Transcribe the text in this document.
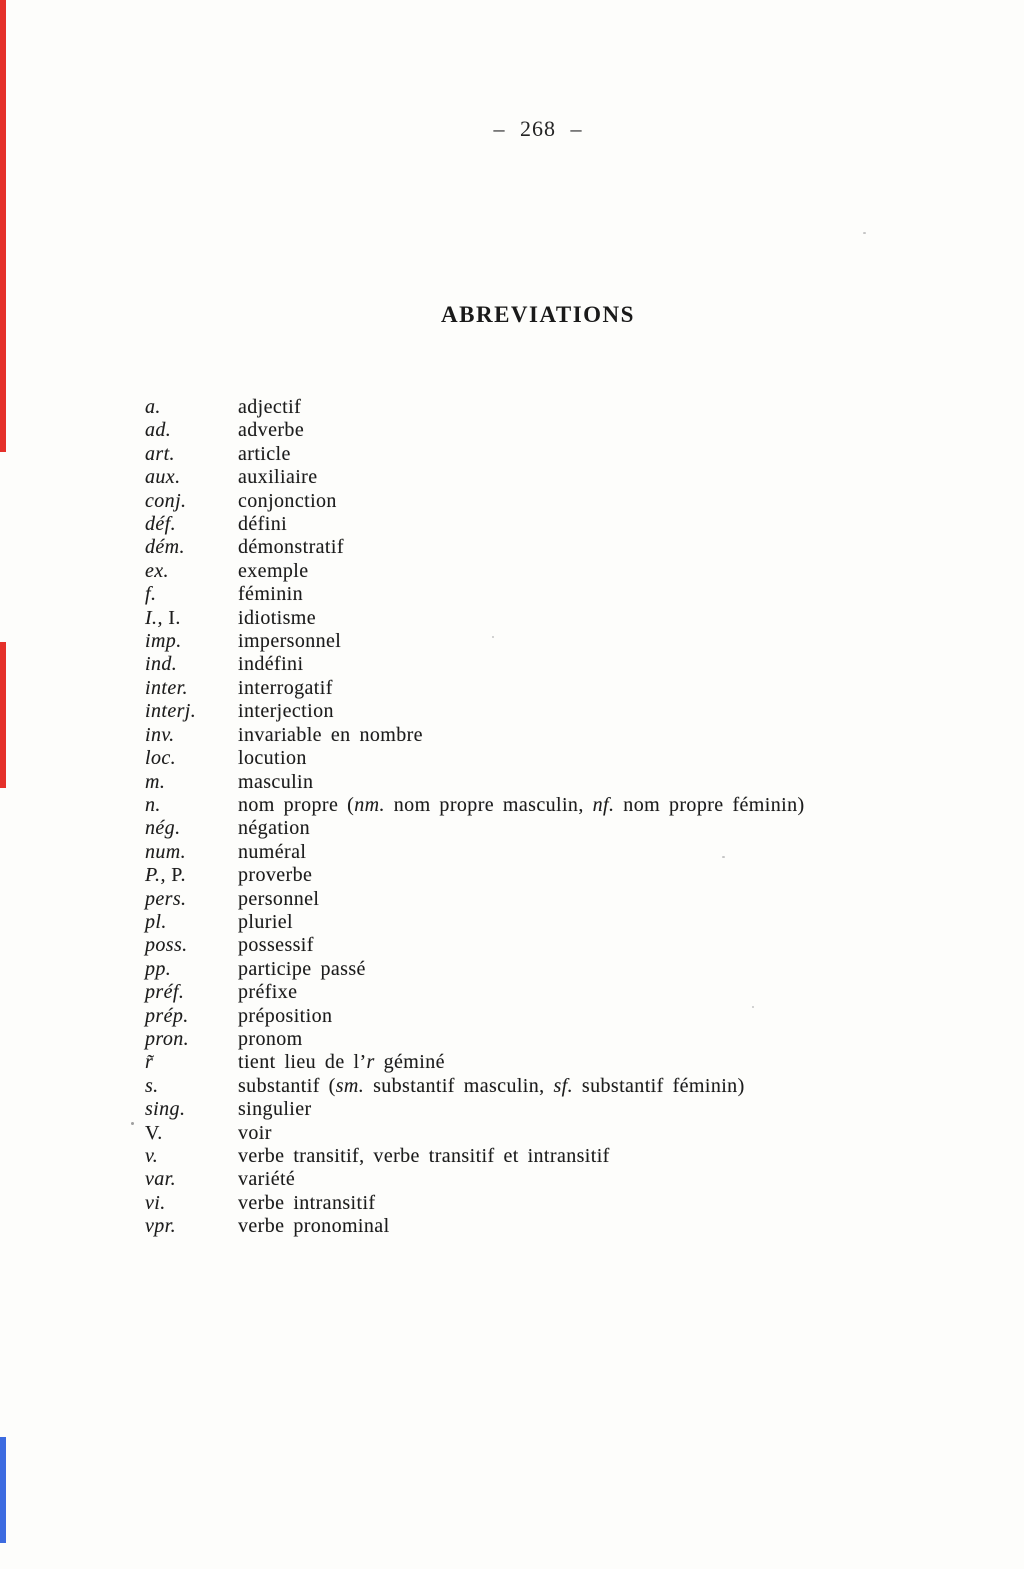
– 268 –
ABREVIATIONS
a.	adjectif
ad.	adverbe
art.	article
aux.	auxiliaire
conj.	conjonction
déf.	défini
dém.	démonstratif
ex.	exemple
f.	féminin
I., I.	idiotisme
imp.	impersonnel
ind.	indéfini
inter.	interrogatif
interj. interjection
inv.	invariable en nombre
loc.	locution
m.	masculin
n.	nom propre (nm. nom propre masculin, nf. nom propre féminin)
nég.	négation
num.	numéral
P., P.	proverbe
pers.	personnel
pl.	pluriel
poss.	possessif
pp.	participe passé
préf.	préfixe
prép. préposition
pron. pronom
r̃	tient lieu de l’r géminé
s.	substantif (sm. substantif masculin, sf. substantif féminin)
sing.	singulier
V.	voir
v.	verbe transitif, verbe transitif et intransitif
var.	variété
vi.	verbe intransitif
vpr.	verbe pronominal
